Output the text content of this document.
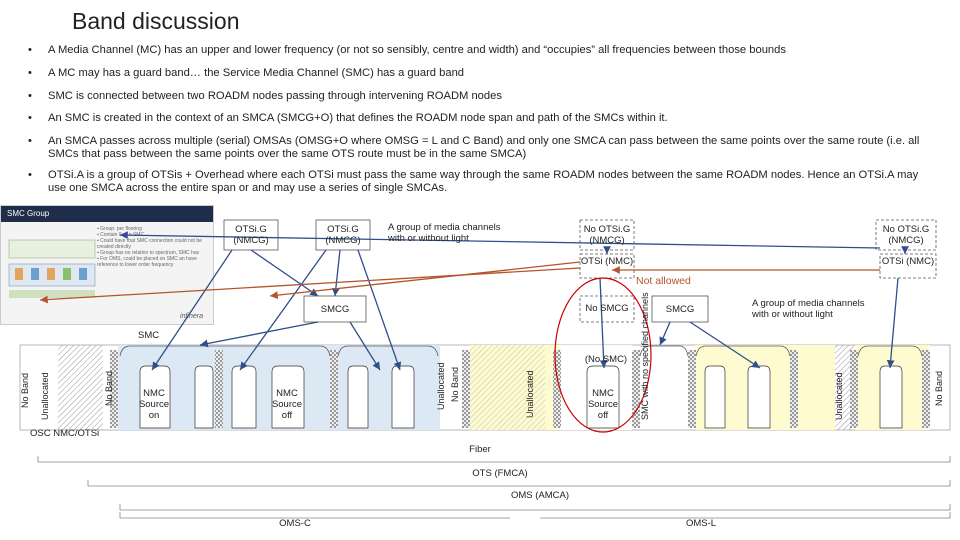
Band discussion
• A Media Channel (MC) has an upper and lower frequency (or not so sensibly, centre and width) and “occupies” all frequencies between those bounds
• A MC may has a guard band… the Service Media Channel (SMC) has a guard band
• SMC is connected between two ROADM nodes passing through intervening ROADM nodes
• An SMC is created in the context of an SMCA (SMCG+O) that defines the ROADM node span and path of the SMCs within it.
• An SMCA passes across multiple (serial) OMSAs (OMSG+O where OMSG = L and C Band) and only one SMCA can pass between the same points over the same route (i.e. all SMCs that pass between the same points over the same OTS route must be in the same SMCA)
• OTSi.A is a group of OTSis + Overhead where each OTSi must pass the same way through the same ROADM nodes between the same ROADM nodes. Hence an OTSi.A may use one SMCA across the entire span or and may use a series of single SMCAs.
SMC Group
▪ Group: per flooring
▪ Contain 0 or n SMC
▪ Could have that SMC connection could not be created directly
▪ Group has no relation to spectrum, SMC has
▪ For OMS, could be placed on SMC an have reference to lower order frequency
infinera
OTSi.G (NMCG)
OTSi.G (NMCG)
A group of media channels with or without light
No OTSi.G (NMCG)
No OTSi.G (NMCG)
OTSi (NMC)	OTSi (NMC)
Not allowed
SMCG	No SMCG	SMCG
A group of media channels with or without light
SMC
(No SMC)
NMC Source on
NMC Source off
NMC Source off
OSC NMC/OTSi
Fiber
OTS (FMCA)
OMS (AMCA)
OMS-C	OMS-L
No Band Unallocated	No Band	Unallocated No Band	Unallocated	SMC with no specified channels	Unallocated	No Band
